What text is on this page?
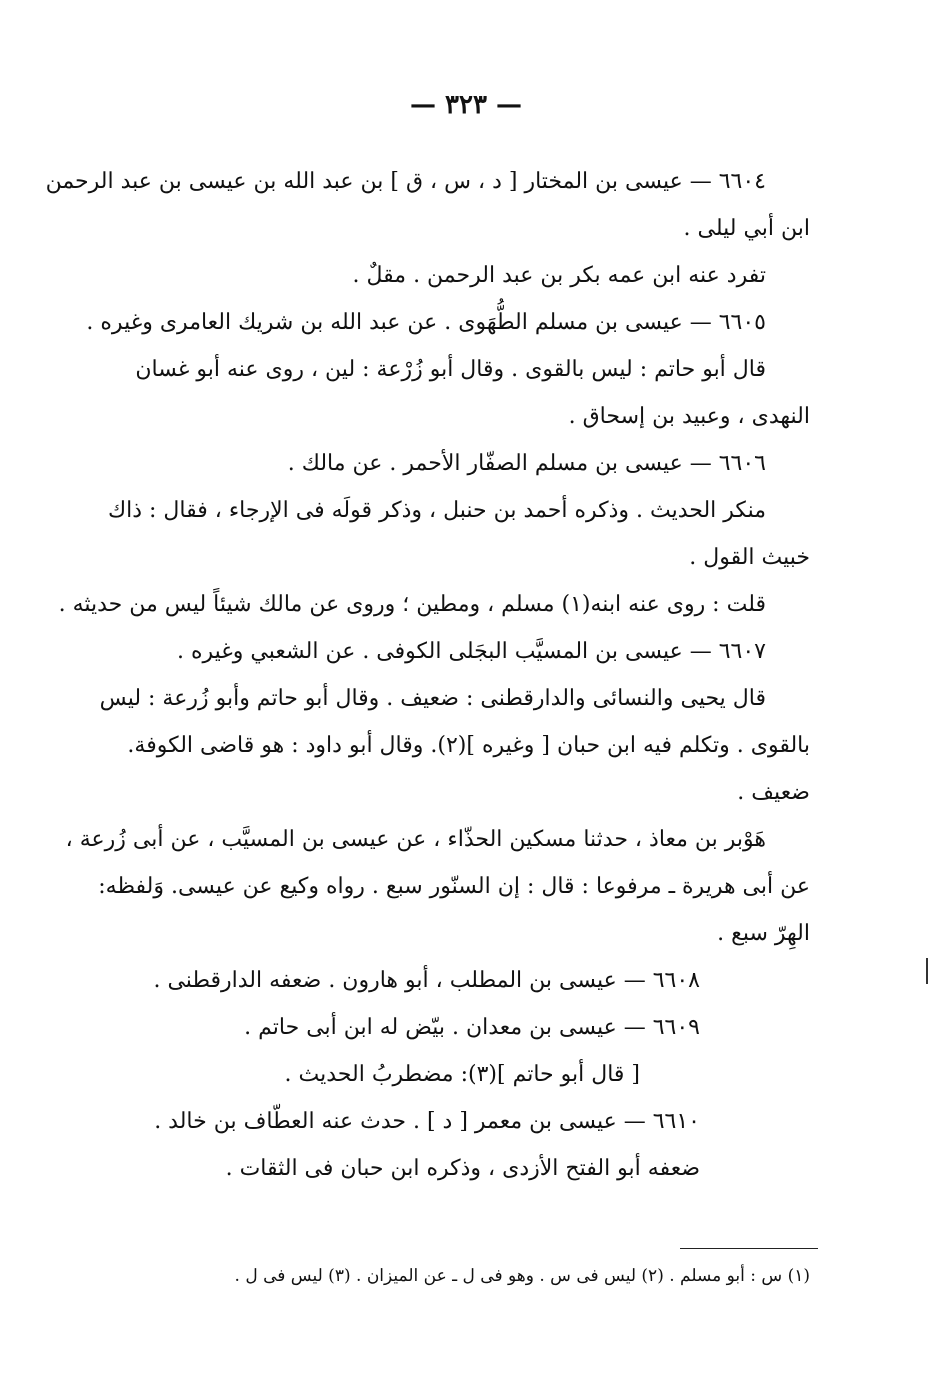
— ٣٢٣ —
٦٦٠٤ — عيسى بن المختار [ د ، س ، ق ] بن عبد الله بن عيسى بن عبد الرحمن
ابن أبي ليلى .
تفرد عنه ابن عمه بكر بن عبد الرحمن . مقلٌ .
٦٦٠٥ — عيسى بن مسلم الطُّهَوى . عن عبد الله بن شريك العامرى وغيره .
قال أبو حاتم : ليس بالقوى . وقال أبو زُرْعة : لين ، روى عنه أبو غسان
النهدى ، وعبيد بن إسحاق .
٦٦٠٦ — عيسى بن مسلم الصفّار الأحمر . عن مالك .
منكر الحديث . وذكره أحمد بن حنبل ، وذكر قولَه فى الإرجاء ، فقال : ذاك
خبيث القول .
قلت : روى عنه ابنه(١) مسلم ، ومطين ؛ وروى عن مالك شيئاً ليس من حديثه .
٦٦٠٧ — عيسى بن المسيَّب البجَلى الكوفى . عن الشعبي وغيره .
قال يحيى والنسائى والدارقطنى : ضعيف . وقال أبو حاتم وأبو زُرعة : ليس
بالقوى . وتكلم فيه ابن حبان [ وغيره ](٢). وقال أبو داود : هو قاضى الكوفة.
ضعيف .
هَوْبر بن معاذ ، حدثنا مسكين الحذّاء ، عن عيسى بن المسيَّب ، عن أبى زُرعة ،
عن أبى هريرة ـ مرفوعا : قال : إن السنّور سبع . رواه وكيع عن عيسى. وَلفظه:
الهِرّ سبع .
٦٦٠٨ — عيسى بن المطلب ، أبو هارون . ضعفه الدارقطنى .
٦٦٠٩ — عيسى بن معدان . بيّض له ابن أبى حاتم .
[ قال أبو حاتم ](٣): مضطربُ الحديث .
٦٦١٠ — عيسى بن معمر [ د ] . حدث عنه العطّاف بن خالد .
ضعفه أبو الفتح الأزدى ، وذكره ابن حبان فى الثقات .
(١) س : أبو مسلم . (٢) ليس فى س . وهو فى ل ـ عن الميزان . (٣) ليس فى ل .
